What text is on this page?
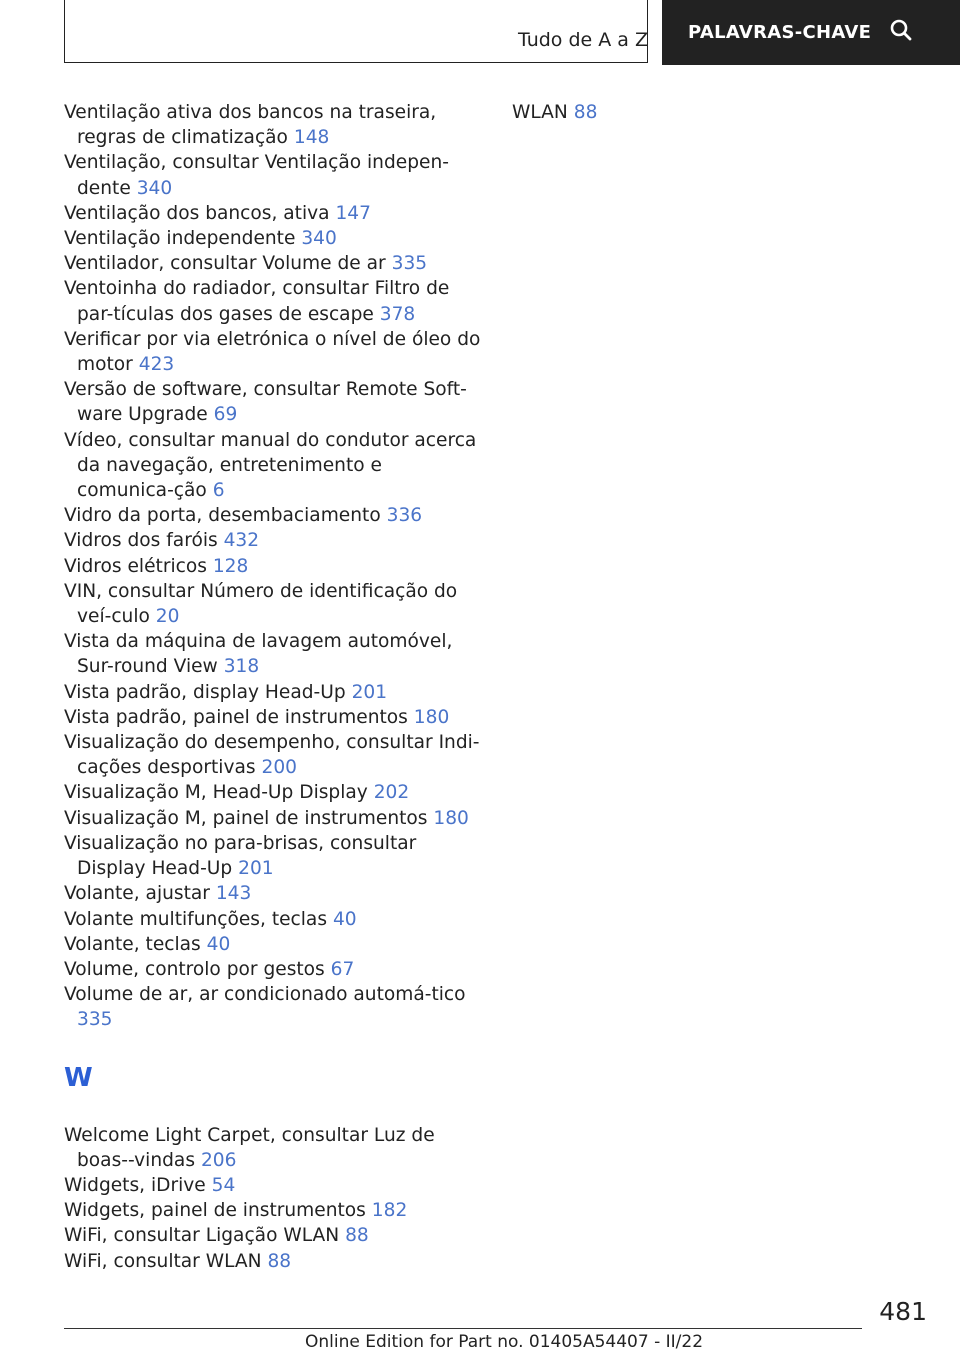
Tudo de A a Z PALAVRAS-CHAVE

Ventilação ativa dos bancos na traseira, regras de climatização 148

Ventilação, consultar Ventilação indepen-dente 340

Ventilação dos bancos, ativa 147

Ventilação independente 340

Ventilador, consultar Volume de ar 335

Ventoinha do radiador, consultar Filtro de par-tículas dos gases de escape 378

Verificar por via eletrónica o nível de óleo do motor 423

Versão de software, consultar Remote Soft-ware Upgrade 69

Vídeo, consultar manual do condutor acerca da navegação, entretenimento e comunica-ção 6

Vidro da porta, desembaciamento 336

Vidros dos faróis 432

Vidros elétricos 128

VIN, consultar Número de identificação do veí-culo 20

Vista da máquina de lavagem automóvel, Sur-round View 318

Vista padrão, display Head-Up 201

Vista padrão, painel de instrumentos 180

Visualização do desempenho, consultar Indi-cações desportivas 200

Visualização M, Head-Up Display 202

Visualização M, painel de instrumentos 180

Visualização no para-brisas, consultar Display Head-Up 201

Volante, ajustar 143

Volante multifunções, teclas 40

Volante, teclas 40

Volume, controlo por gestos 67

Volume de ar, ar condicionado automá-tico 335

W

Welcome Light Carpet, consultar Luz de boas--vindas 206

Widgets, iDrive 54

Widgets, painel de instrumentos 182

WiFi, consultar Ligação WLAN 88

WiFi, consultar WLAN 88

WLAN 88

481
Online Edition for Part no. 01405A54407 - II/22
